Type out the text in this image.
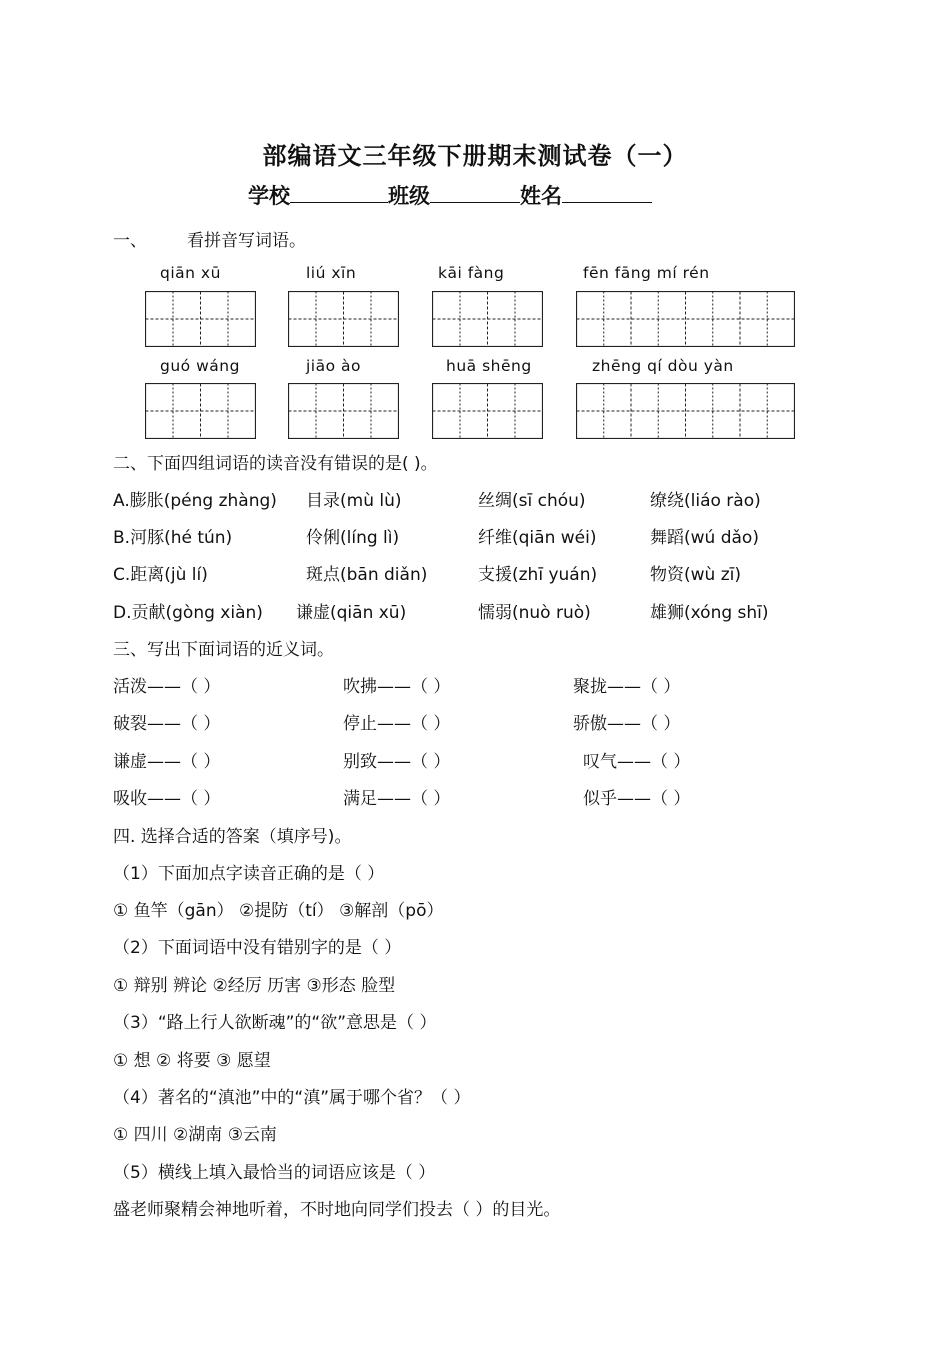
部编语文三年级下册期末测试卷（一）
学校	班级	姓名
一、 看拼音写词语。
qiān xū	liú xīn	kāi fàng	fēn fāng mí rén
guó wáng	jiāo ào	huā shēng	zhēng qí dòu yàn
二、下面四组词语的读音没有错误的是( )。
A.膨胀(péng zhàng) 目录(mù lù)	丝绸(sī chóu)	缭绕(liáo rào)
B.河豚(hé tún)	伶俐(líng lì)	纤维(qiān wéi)	舞蹈(wú dǎo)
C.距离(jù lí)	斑点(bān diǎn)	支援(zhī yuán)	物资(wù zī)
D.贡献(gòng xiàn) 谦虚(qiān xū)	懦弱(nuò ruò)	雄狮(xóng shī)
三、写出下面词语的近义词。
活泼——（ ）	吹拂——（ ）	聚拢——（ ）
破裂——（ ）	停止——（ ）	骄傲——（ ）
谦虚——（ ）	别致——（ ）	叹气——（ ）
吸收——（ ）	满足——（ ）	似乎——（ ）
四. 选择合适的答案（填序号)。
（1）下面加点字读音正确的是（ ）
① 鱼竿（gān） ②提防（tí） ③解剖（pō）
（2）下面词语中没有错别字的是（ ）
① 辩别 辨论 ②经厉 历害 ③形态 脸型
（3）“路上行人欲断魂”的“欲”意思是（ ）
① 想 ② 将要 ③ 愿望
（4）著名的“滇池”中的“滇”属于哪个省？（ ）
① 四川 ②湖南 ③云南
（5）横线上填入最恰当的词语应该是（ ）
盛老师聚精会神地听着，不时地向同学们投去（ ）的目光。
